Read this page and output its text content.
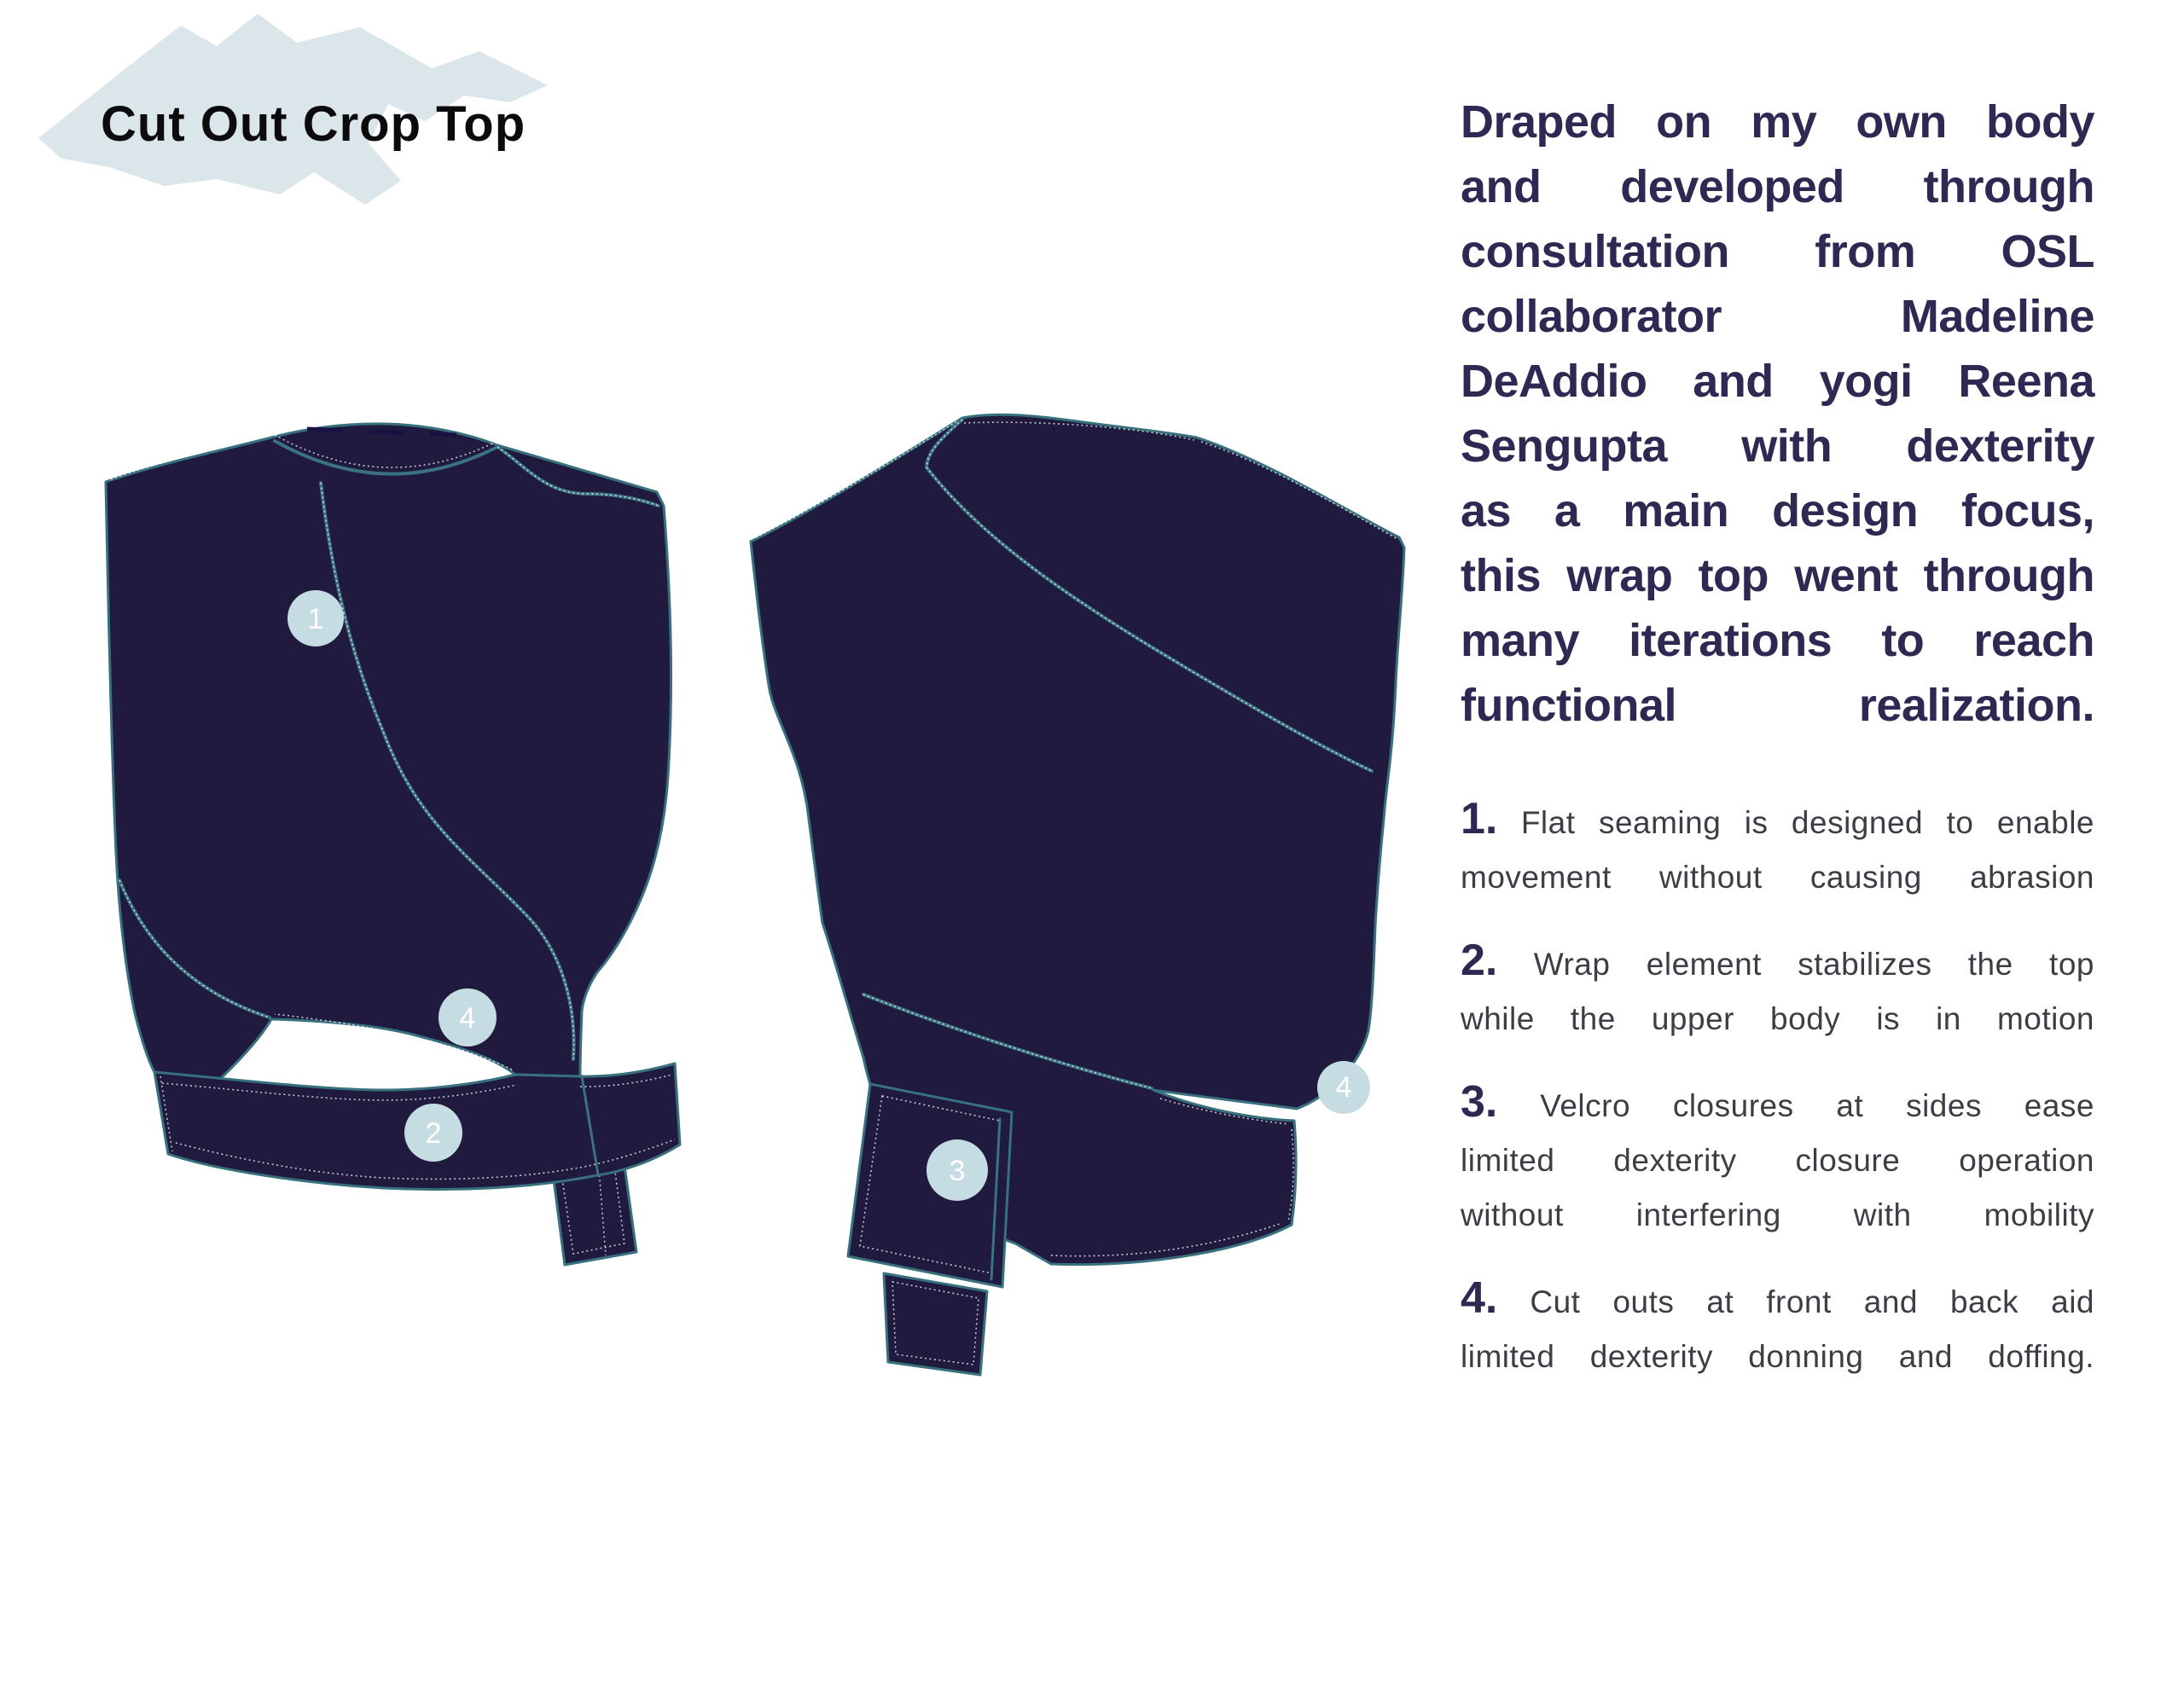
Cut Out Crop Top
1
4
2
3
4
Draped on my own body
and developed through
consultation from OSL
collaborator Madeline
DeAddio and yogi Reena
Sengupta with dexterity
as a main design focus,
this wrap top went through
many iterations to reach
functional realization.
1. Flat seaming is designed to enable
movement without causing abrasion
2. Wrap element stabilizes the top
while the upper body is in motion
3. Velcro closures at sides ease
limited dexterity closure operation
without interfering with mobility
4. Cut outs at front and back aid
limited dexterity donning and doffing.
